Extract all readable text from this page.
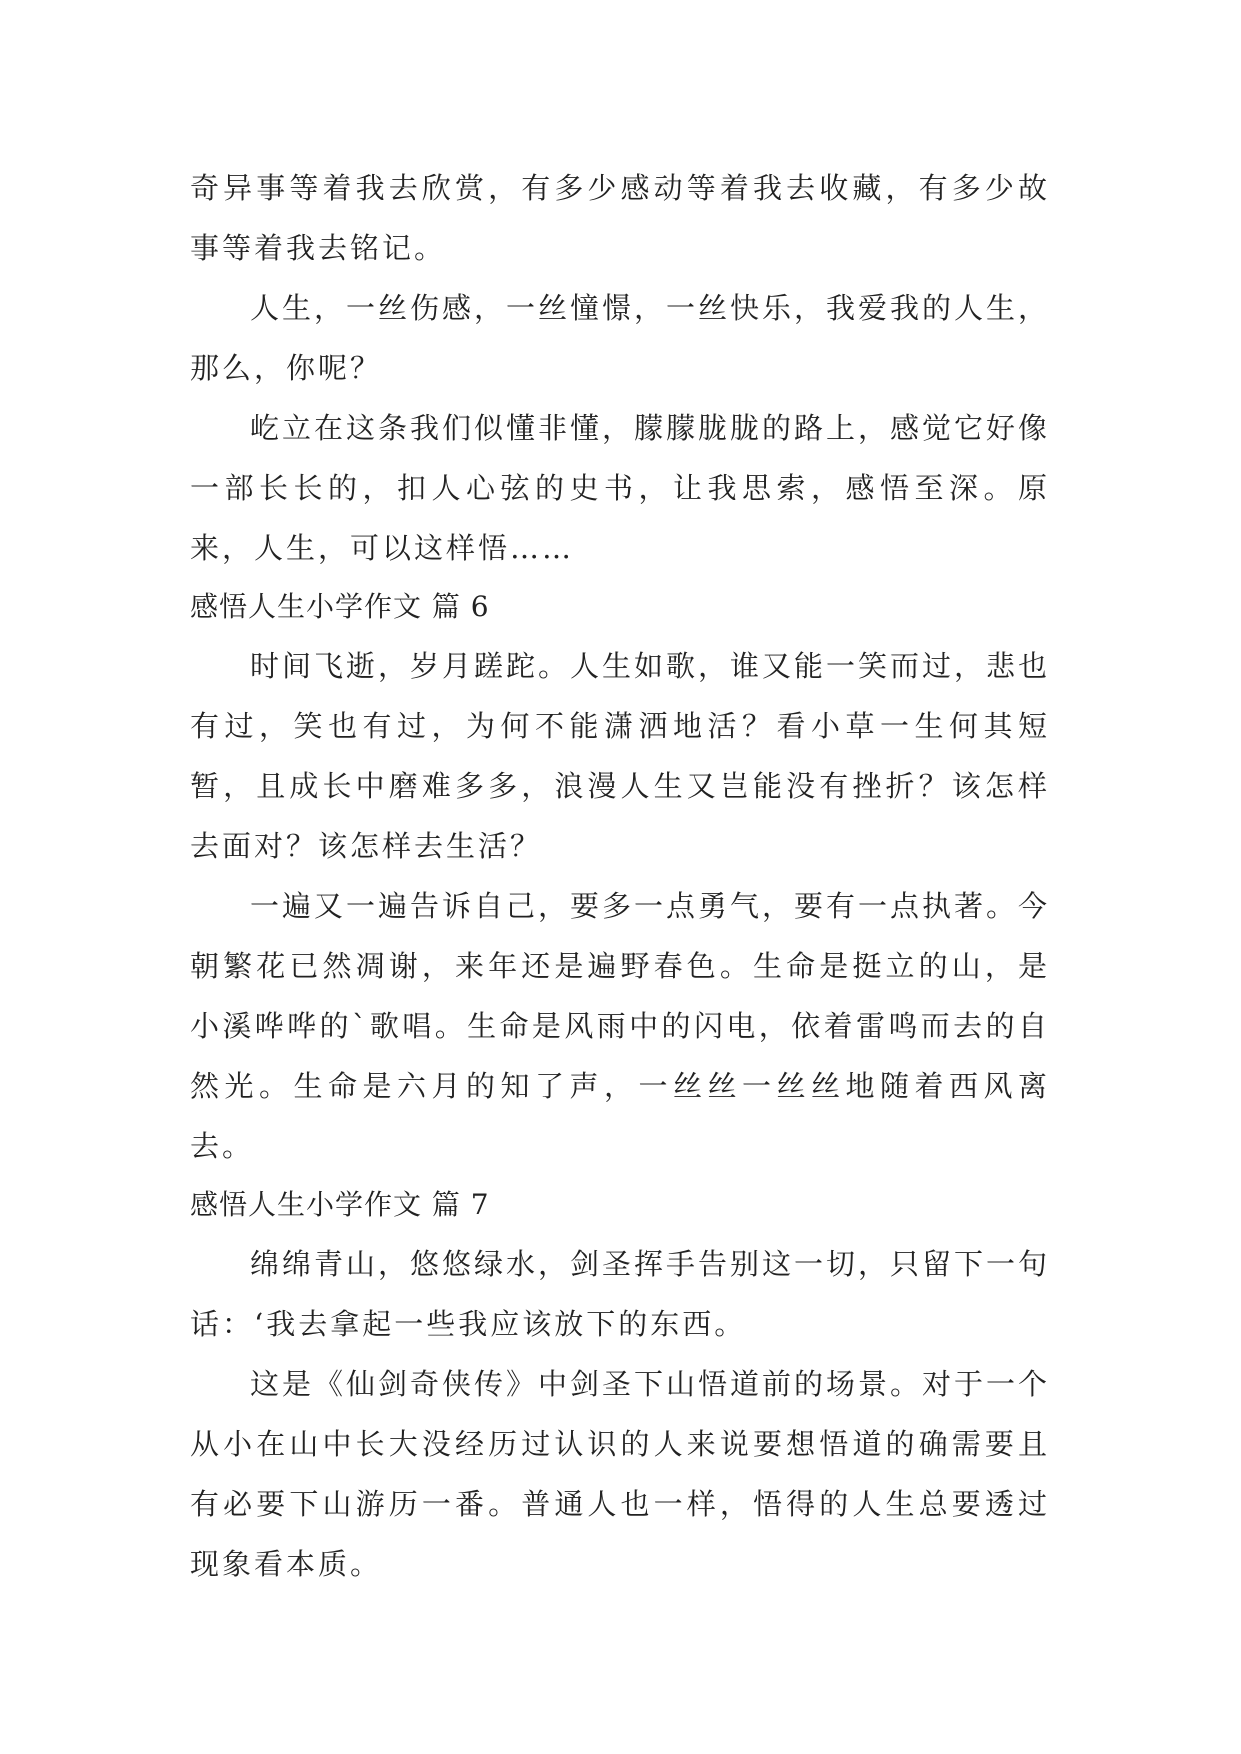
奇异事等着我去欣赏，有多少感动等着我去收藏，有多少故事等着我去铭记。

人生，一丝伤感，一丝憧憬，一丝快乐，我爱我的人生，那么，你呢？

屹立在这条我们似懂非懂，朦朦胧胧的路上，感觉它好像一部长长的，扣人心弦的史书，让我思索，感悟至深。原来，人生，可以这样悟……

感悟人生小学作文 篇 6

时间飞逝，岁月蹉跎。人生如歌，谁又能一笑而过，悲也有过，笑也有过，为何不能潇洒地活？看小草一生何其短暂，且成长中磨难多多，浪漫人生又岂能没有挫折？该怎样去面对？该怎样去生活？

一遍又一遍告诉自己，要多一点勇气，要有一点执著。今朝繁花已然凋谢，来年还是遍野春色。生命是挺立的山，是小溪哗哗的`歌唱。生命是风雨中的闪电，依着雷鸣而去的自然光。生命是六月的知了声，一丝丝一丝丝地随着西风离去。

感悟人生小学作文 篇 7

绵绵青山，悠悠绿水，剑圣挥手告别这一切，只留下一句话：‘我去拿起一些我应该放下的东西。

这是《仙剑奇侠传》中剑圣下山悟道前的场景。对于一个从小在山中长大没经历过认识的人来说要想悟道的确需要且有必要下山游历一番。普通人也一样，悟得的人生总要透过现象看本质。
